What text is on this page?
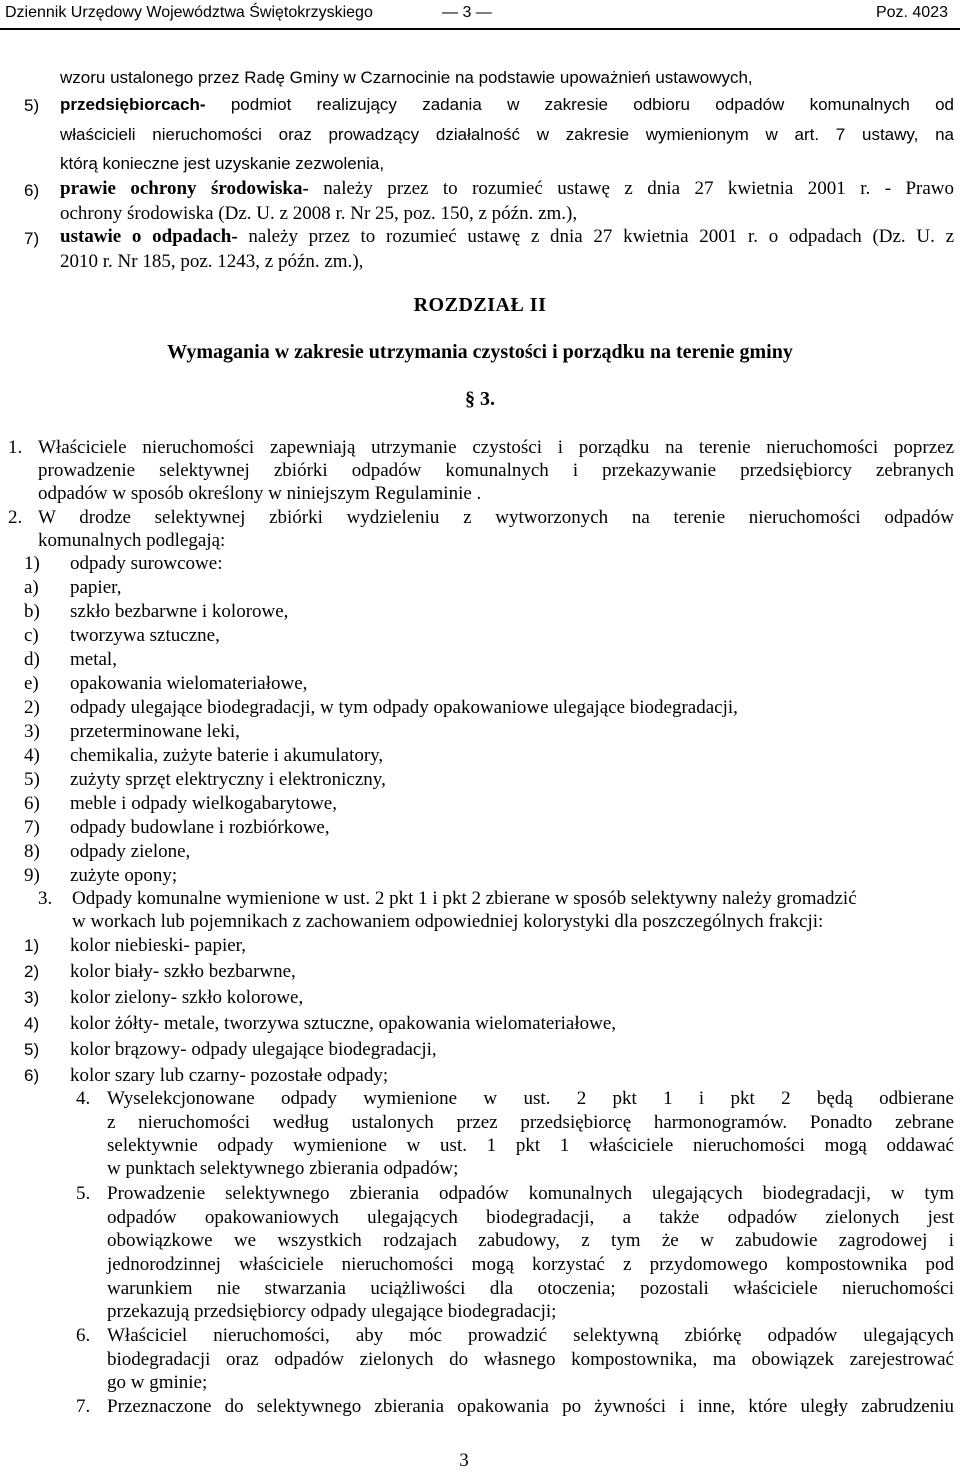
Dziennik Urzędowy Województwa Świętokrzyskiego	— 3 —	Poz. 4023
wzoru ustalonego przez Radę Gminy w Czarnocinie na podstawie upoważnień ustawowych,
5) przedsiębiorcach- podmiot realizujący zadania w zakresie odbioru odpadów komunalnych od
właścicieli nieruchomości oraz prowadzący działalność w zakresie wymienionym w art. 7 ustawy, na
którą konieczne jest uzyskanie zezwolenia,
6) prawie ochrony środowiska- należy przez to rozumieć ustawę z dnia 27 kwietnia 2001 r. - Prawo
ochrony środowiska (Dz. U. z 2008 r. Nr 25, poz. 150, z późn. zm.),
7) ustawie o odpadach- należy przez to rozumieć ustawę z dnia 27 kwietnia 2001 r. o odpadach (Dz. U. z
2010 r. Nr 185, poz. 1243, z późn. zm.),
ROZDZIAŁ II
Wymagania w zakresie utrzymania czystości i porządku na terenie gminy
§ 3.
1. Właściciele nieruchomości zapewniają utrzymanie czystości i porządku na terenie nieruchomości poprzez
prowadzenie selektywnej zbiórki odpadów komunalnych i przekazywanie przedsiębiorcy zebranych
odpadów w sposób określony w niniejszym Regulaminie .
2. W drodze selektywnej zbiórki wydzieleniu z wytworzonych na terenie nieruchomości odpadów
komunalnych podlegają:
1) odpady surowcowe:
a) papier,
b) szkło bezbarwne i kolorowe,
c) tworzywa sztuczne,
d) metal,
e) opakowania wielomateriałowe,
2) odpady ulegające biodegradacji, w tym odpady opakowaniowe ulegające biodegradacji,
3) przeterminowane leki,
4) chemikalia, zużyte baterie i akumulatory,
5) zużyty sprzęt elektryczny i elektroniczny,
6) meble i odpady wielkogabarytowe,
7) odpady budowlane i rozbiórkowe,
8) odpady zielone,
9) zużyte opony;
3. Odpady komunalne wymienione w ust. 2 pkt 1 i pkt 2 zbierane w sposób selektywny należy gromadzić
w workach lub pojemnikach z zachowaniem odpowiedniej kolorystyki dla poszczególnych frakcji:
1) kolor niebieski- papier,
2) kolor biały- szkło bezbarwne,
3) kolor zielony- szkło kolorowe,
4) kolor żółty- metale, tworzywa sztuczne, opakowania wielomateriałowe,
5) kolor brązowy- odpady ulegające biodegradacji,
6) kolor szary lub czarny- pozostałe odpady;
4. Wyselekcjonowane odpady wymienione w ust. 2 pkt 1 i pkt 2 będą odbierane
z nieruchomości według ustalonych przez przedsiębiorcę harmonogramów. Ponadto zebrane
selektywnie odpady wymienione w ust. 1 pkt 1 właściciele nieruchomości mogą oddawać
w punktach selektywnego zbierania odpadów;
5. Prowadzenie selektywnego zbierania odpadów komunalnych ulegających biodegradacji, w tym
odpadów opakowaniowych ulegających biodegradacji, a także odpadów zielonych jest
obowiązkowe we wszystkich rodzajach zabudowy, z tym że w zabudowie zagrodowej i
jednorodzinnej właściciele nieruchomości mogą korzystać z przydomowego kompostownika pod
warunkiem nie stwarzania uciążliwości dla otoczenia; pozostali właściciele nieruchomości
przekazują przedsiębiorcy odpady ulegające biodegradacji;
6. Właściciel nieruchomości, aby móc prowadzić selektywną zbiórkę odpadów ulegających
biodegradacji oraz odpadów zielonych do własnego kompostownika, ma obowiązek zarejestrować
go w gminie;
7. Przeznaczone do selektywnego zbierania opakowania po żywności i inne, które uległy zabrudzeniu
3
